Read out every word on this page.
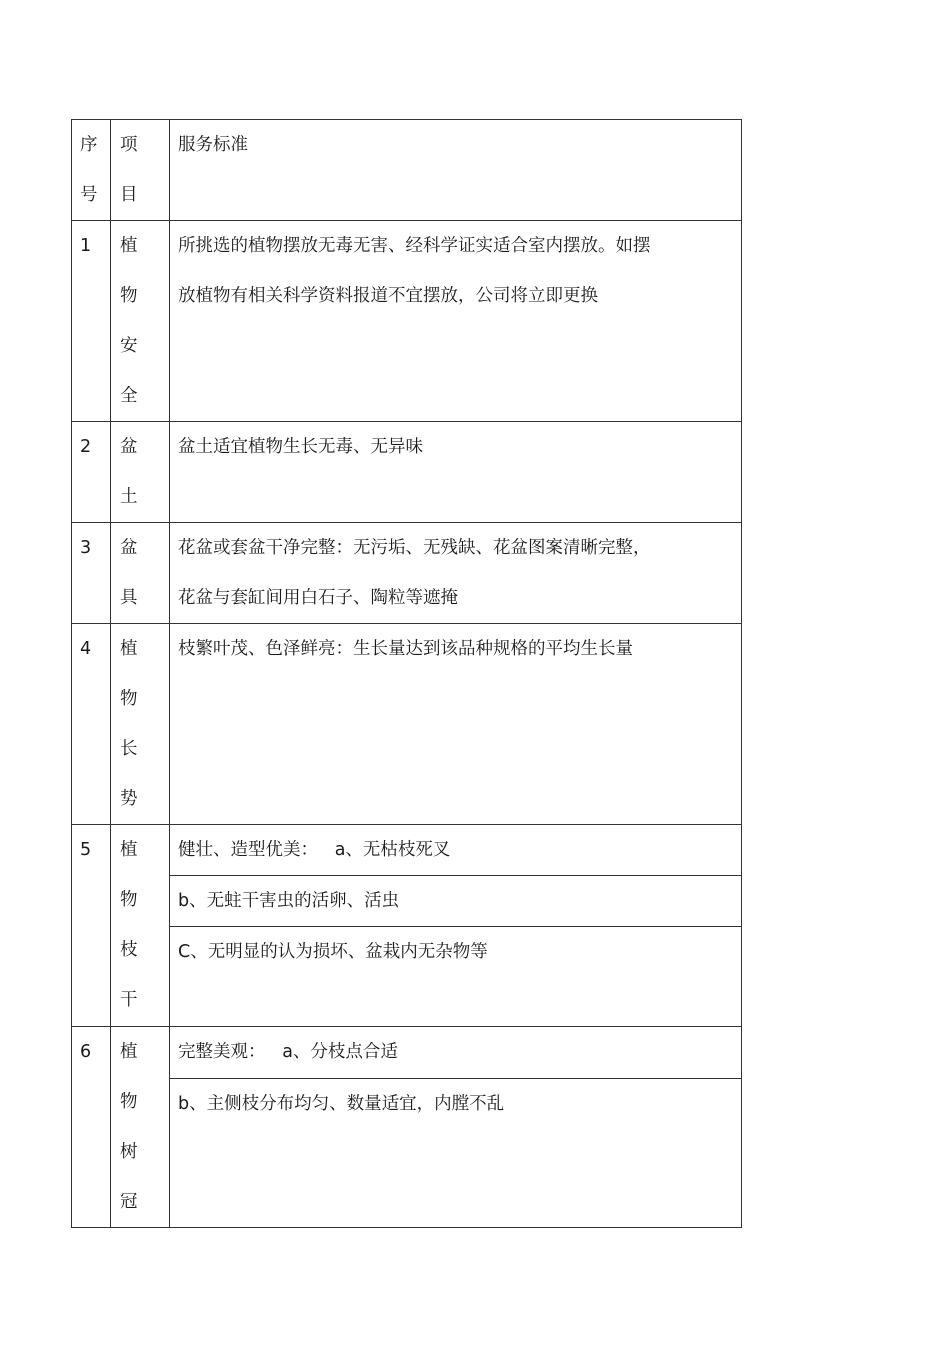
序
号	项
目	服务标准

1	植
物
安
全	所挑选的植物摆放无毒无害、经科学证实适合室内摆放。如摆
放植物有相关科学资料报道不宜摆放，公司将立即更换

2	盆
土	盆土适宜植物生长无毒、无异味

3	盆
具	花盆或套盆干净完整：无污垢、无残缺、花盆图案清晰完整，
花盆与套缸间用白石子、陶粒等遮掩

4	植
物
长
势	枝繁叶茂、色泽鲜亮：生长量达到该品种规格的平均生长量

5	植
物
枝
干	健壮、造型优美：   a、无枯枝死叉

		b、无蛀干害虫的活卵、活虫

		C、无明显的认为损坏、盆栽内无杂物等

6	植
物
树
冠	完整美观：   a、分枝点合适

		b、主侧枝分布均匀、数量适宜，内膛不乱
